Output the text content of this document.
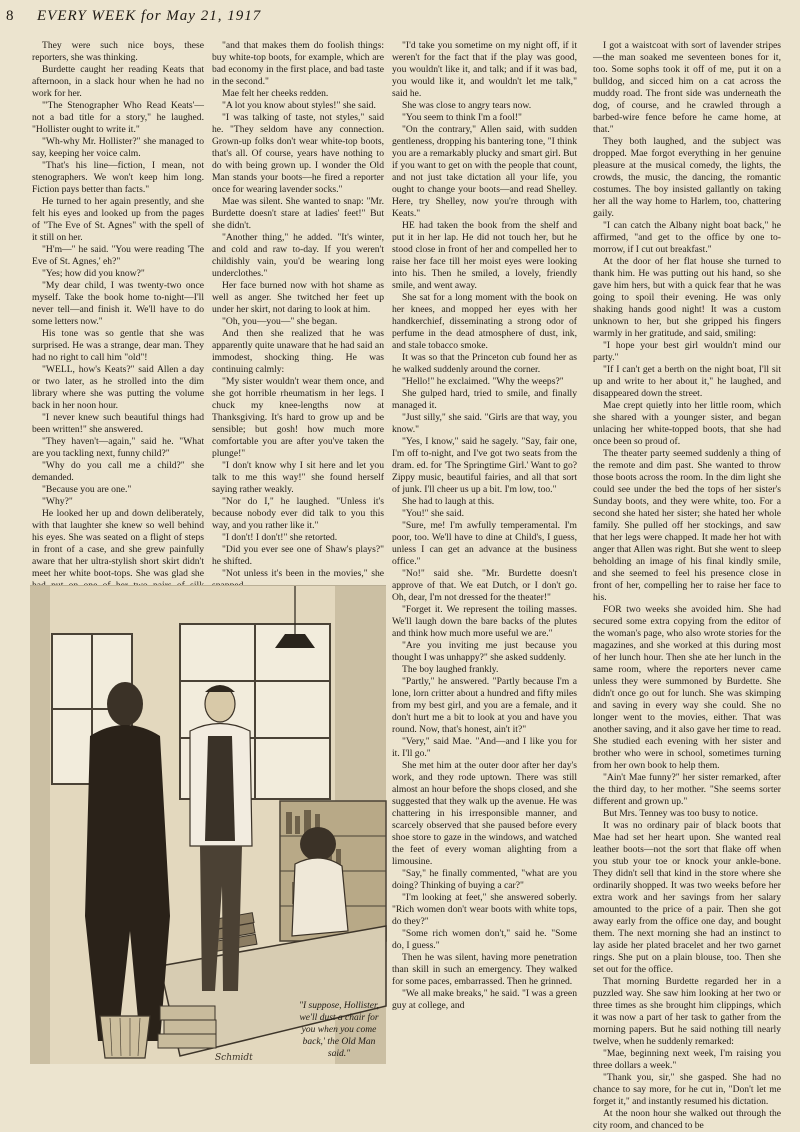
8 EVERY WEEK for May 21, 1917

They were such nice boys, these reporters, she was thinking.

Burdette caught her reading Keats that afternoon, in a slack hour when he had no work for her.

"'The Stenographer Who Read Keats'—not a bad title for a story," he laughed. "Hollister ought to write it."

"Wh-why Mr. Hollister?" she managed to say, keeping her voice calm.

"That's his line—fiction, I mean, not stenographers. We won't keep him long. Fiction pays better than facts."

He turned to her again presently, and she felt his eyes and looked up from the pages of "The Eve of St. Agnes" with the spell of it still on her.

"H'm—" he said. "You were reading 'The Eve of St. Agnes,' eh?"

"Yes; how did you know?"

"My dear child, I was twenty-two once myself. Take the book home to-night—I'll never tell—and finish it. We'll have to do some letters now."

His tone was so gentle that she was surprised. He was a strange, dear man. They had no right to call him "old"!

"WELL, how's Keats?" said Allen a day or two later, as he strolled into the dim library where she was putting the volume back in her noon hour.

"I never knew such beautiful things had been written!" she answered.

"They haven't—again," said he. "What are you tackling next, funny child?"

"Why do you call me a child?" she demanded.

"Because you are one."

"Why?"

He looked her up and down deliberately, with that laughter she knew so well behind his eyes. She was seated on a flight of steps in front of a case, and she grew painfully aware that her ultra-stylish short skirt didn't meet her white boot-tops. She was glad she

"and that makes them do foolish things: buy white-top boots, for example, which are bad economy in the first place, and bad taste in the second."

Mae felt her cheeks redden.

"A lot you know about styles!" she said.

"I was talking of taste, not styles," said he. "They seldom have any connection. Grown-up folks don't wear white-top boots, that's all. Of course, years have nothing to do with being grown up. I wonder the Old Man stands your boots—he fired a reporter once for wearing lavender socks."

Mae was silent. She wanted to snap: "Mr. Burdette doesn't stare at ladies' feet!" But she didn't.

"Another thing," he added. "It's winter, and cold and raw to-day. If you weren't childishly vain, you'd be wearing long underclothes."

Her face burned now with hot shame as well as anger. She twitched her feet up under her skirt, not daring to look at him.

"Oh, you—you—" she began.

And then she realized that he was apparently quite unaware that he had said an immodest, shocking thing. He was continuing calmly:

"My sister wouldn't wear them once, and she got horrible rheumatism in her legs. I chuck my knee-lengths now at Thanksgiving. It's hard to grow up and be sensible; but gosh! how much more comfortable you are after you've taken the plunge!"

"I don't know why I sit here and let you talk to me this way!" she found herself saying rather weakly.

"Nor do I," he laughed. "Unless it's because nobody ever did talk to you this way, and you rather like it."

"I don't! I don't!" she retorted.

"Did you ever see one of Shaw's plays?" he shifted.

"Not unless it's been in the movies," she

"I'd take you sometime on my night off, if it weren't for the fact that if the play was good, you wouldn't like it, and talk; and if it was bad, you would like it, and wouldn't let me talk," said he.

She was close to angry tears now.

"You seem to think I'm a fool!"

"On the contrary," Allen said, with sudden gentleness, dropping his bantering tone, "I think you are a remarkably plucky and smart girl. But if you want to get on with the people that count, and not just take dictation all your life, you ought to change your boots—and read Shelley. Here, try Shelley, now you're through with Keats."

HE had taken the book from the shelf and put it in her lap. He did not touch her, but he stood close in front of her and compelled her to raise her face till her moist eyes were looking into his. Then he smiled, a lovely, friendly smile, and went away.

She sat for a long moment with the book on her knees, and mopped her eyes with her handkerchief, disseminating a strong odor of perfume in the dead atmosphere of dust, ink, and stale tobacco smoke.

It was so that the Princeton cub found her as he walked suddenly around the corner.

"Hello!" he exclaimed. "Why the weeps?"

She gulped hard, tried to smile, and finally managed it.

"Just silly," she said. "Girls are that way, you know."

"Yes, I know," said he sagely. "Say, fair one, I'm off to-night, and I've got two seats from the dram. ed. for 'The Springtime Girl.' Want to go? Zippy music, beautiful fairies, and all that sort of junk. I'll cheer us up a bit. I'm low, too."

She had to laugh at this.

"You!" she said.

"Sure, me! I'm awfully temperamental. I'm poor, too. We'll have to dine at Child's, I guess, unless I can get an advance at the business office."

"No!" said she. "Mr. Burdette doesn't approve of that. We eat Dutch, or I don't go. Oh, dear, I'm not dressed for the theater!"

"Forget it. We represent the toiling masses. We'll laugh down the bare backs of the plutes and think how much more useful we are."

"Are you inviting me just because you thought I was unhappy?" she asked suddenly.

The boy laughed frankly.

"Partly," he answered. "Partly because I'm a lone, lorn critter about a hundred and fifty miles from my best girl, and you are a female, and it don't hurt me a bit to look at you and have you round. Now, that's honest, ain't it?"

"Very," said Mae. "And—and I like you for it. I'll go."

She met him at the outer door after her day's work, and they rode uptown. There was still almost an hour before the shops closed, and she suggested that they walk up the avenue. He was chattering in his irresponsible manner, and scarcely observed that she paused before every shoe store to gaze in the windows, and watched the feet of every woman alighting from a limousine.

"Say," he finally commented, "what are you doing? Thinking of buying a car?"

"I'm looking at feet," she answered soberly. "Rich women don't wear boots with white tops, do they?"

"Some rich women don't," said he. "Some do, I guess."

Then he was silent, having more penetration than skill in such an emergency. They walked for some paces, embarrassed. Then he grinned.

"We all make breaks," he said. "I was a green guy at college, and

I got a waistcoat with sort of lavender stripes—the man soaked me seventeen bones for it, too. Some sophs took it off of me, put it on a bulldog, and sicced him on a cat across the muddy road. The front side was underneath the dog, of course, and he crawled through a barbed-wire fence before he came home, at that."

They both laughed, and the subject was dropped. Mae forgot everything in her genuine pleasure at the musical comedy, the lights, the crowds, the music, the dancing, the romantic costumes. The boy insisted gallantly on taking her all the way home to Harlem, too, chattering gaily.

"I can catch the Albany night boat back," he affirmed, "and get to the office by one to-morrow, if I cut out breakfast."

At the door of her flat house she turned to thank him. He was putting out his hand, so she gave him hers, but with a quick fear that he was going to spoil their evening. He was only shaking hands good night! It was a custom unknown to her, but she gripped his fingers warmly in her gratitude, and said, smiling:

"I hope your best girl wouldn't mind our party."

"If I can't get a berth on the night boat, I'll sit up and write to her about it," he laughed, and disappeared down the street.

Mae crept quietly into her little room, which she shared with a younger sister, and began unlacing her white-topped boots, that she had once been so proud of.

The theater party seemed suddenly a thing of the remote and dim past. She wanted to throw those boots across the room. In the dim light she could see under the bed the tops of her sister's Sunday boots, and they were white, too. For a second she hated her sister; she hated her whole family. She pulled off her stockings, and saw that her legs were chapped. It made her hot with anger that Allen was right. But she went to sleep beholding an image of his final kindly smile, and she seemed to feel his presence close in front of her, compelling her to raise her face to his.

FOR two weeks she avoided him. She had secured some extra copying from the editor of the woman's page, who also wrote stories for the magazines, and she worked at this during most of her lunch hour. Then she ate her lunch in the same room, where the reporters never came unless they were summoned by Burdette. She didn't once go out for lunch. She was skimping and saving in every way she could. She no longer went to the movies, either. That was another saving, and it also gave her time to read. She studied each evening with her sister and brother who were in school, sometimes turning from her own book to help them.

"Ain't Mae funny?" her sister remarked, after the third day, to her mother. "She seems sorter different and grown up."

But Mrs. Tenney was too busy to notice.

It was no ordinary pair of black boots that Mae had set her heart upon. She wanted real leather boots—not the sort that flake off when you stub your toe or knock your ankle-bone. They didn't sell that kind in the store where she ordinarily shopped. It was two weeks before her extra work and her savings from her salary amounted to the price of a pair. Then she got away early from the office one day, and bought them. The next morning she had an instinct to lay aside her plated bracelet and her two garnet rings. She put on a plain blouse, too. Then she set out for the office.

That morning Burdette regarded her in a puzzled way. She saw him looking at her two or three times as she brought him clippings, which it was now a part of her task to gather from the morning papers. But he said nothing till nearly twelve, when he suddenly remarked:

"Mae, beginning next week, I'm raising you three dollars a week."

"Thank you, sir," she gasped. She had no chance to say more, for he cut in, "Don't let me forget it," and instantly resumed his dictation.

At the noon hour she walked out through the city room, and chanced to be

Schmidt
"I suppose, Hollister, we'll dust a chair for you when you come back,' the Old Man said."
